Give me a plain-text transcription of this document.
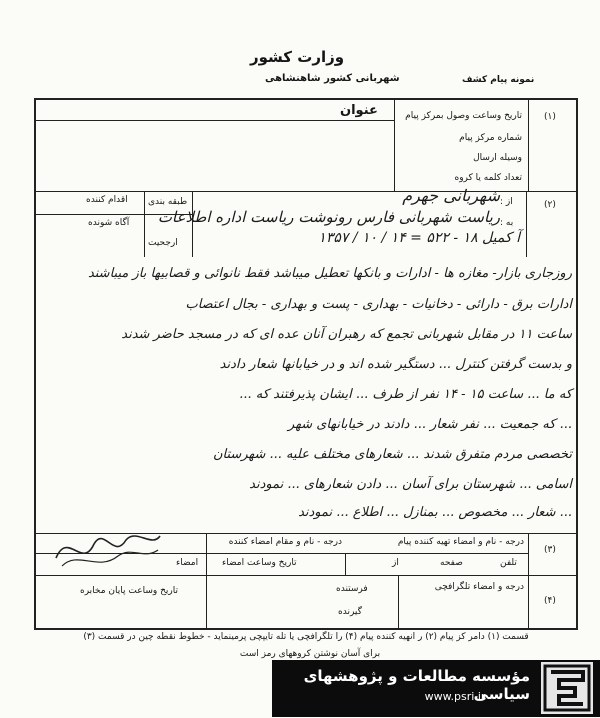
وزارت کشور
شهربانی کشور شاهنشاهی	نمونه پیام کشف
(۱)
عنوان	تاریخ وساعت وصول بمرکز پیام
شماره مرکز پیام
وسیله ارسال
تعداد کلمه یا کروه
(۲)
طبقه بندی
اقدام کننده
آگاه شونده
ارجحیت
از :
به :
شهربانی جهرم
ریاست شهربانی فارس رونوشت ریاست اداره اطلاعات
آ کمیل ۱۸ - ۵۲۲ = ۱۴ / ۱۰ / ۱۳۵۷
روزجاری بازار- مغازه ها - ادارات و بانکها تعطیل میباشد فقط نانوائی و قصابیها باز میباشند
ادارات برق - دارائی - دخانیات - بهداری - پست و بهداری - بجال اعتصاب
ساعت ۱۱ در مقابل شهربانی تجمع که رهبران آنان عده ای که در مسجد حاضر شدند
و بدست گرفتن کنترل ... دستگیر شده اند و در خیابانها شعار دادند
که ما ... ساعت ۱۵ - ۱۴ نفر از طرف ... ایشان پذیرفتند که ...
... که جمعیت ... نفر شعار ... دادند در خیابانهای شهر
تخصصی مردم متفرق شدند ... شعارهای مختلف علیه ... شهرستان
اسامی ... شهرستان برای آسان ... دادن شعارهای ... نمودند
... شعار ... مخصوص ... بمنازل ... اطلاع ... نمودند
(۳)
درجه - نام و امضاء تهیه کننده پیام
درجه - نام و مقام امضاء کننده
تلفن
صفحه
از
تاریخ وساعت امضاء
امضاء
(۴)
درجه و امضاء تلگرافچی
فرستنده
گیرنده
تاریخ وساعت پایان مخابره
قسمت (۱) دامر کز پیام (۲) ر انهیه کننده پیام (۴) را تلگرافچی یا تله تایپچی پرمینماید - خطوط نقطه چین در قسمت (۳)
برای آسان نوشتن کروههای رمز است
مؤسسه مطالعات و پژوهشهای سیاسی
www.psri.ir
